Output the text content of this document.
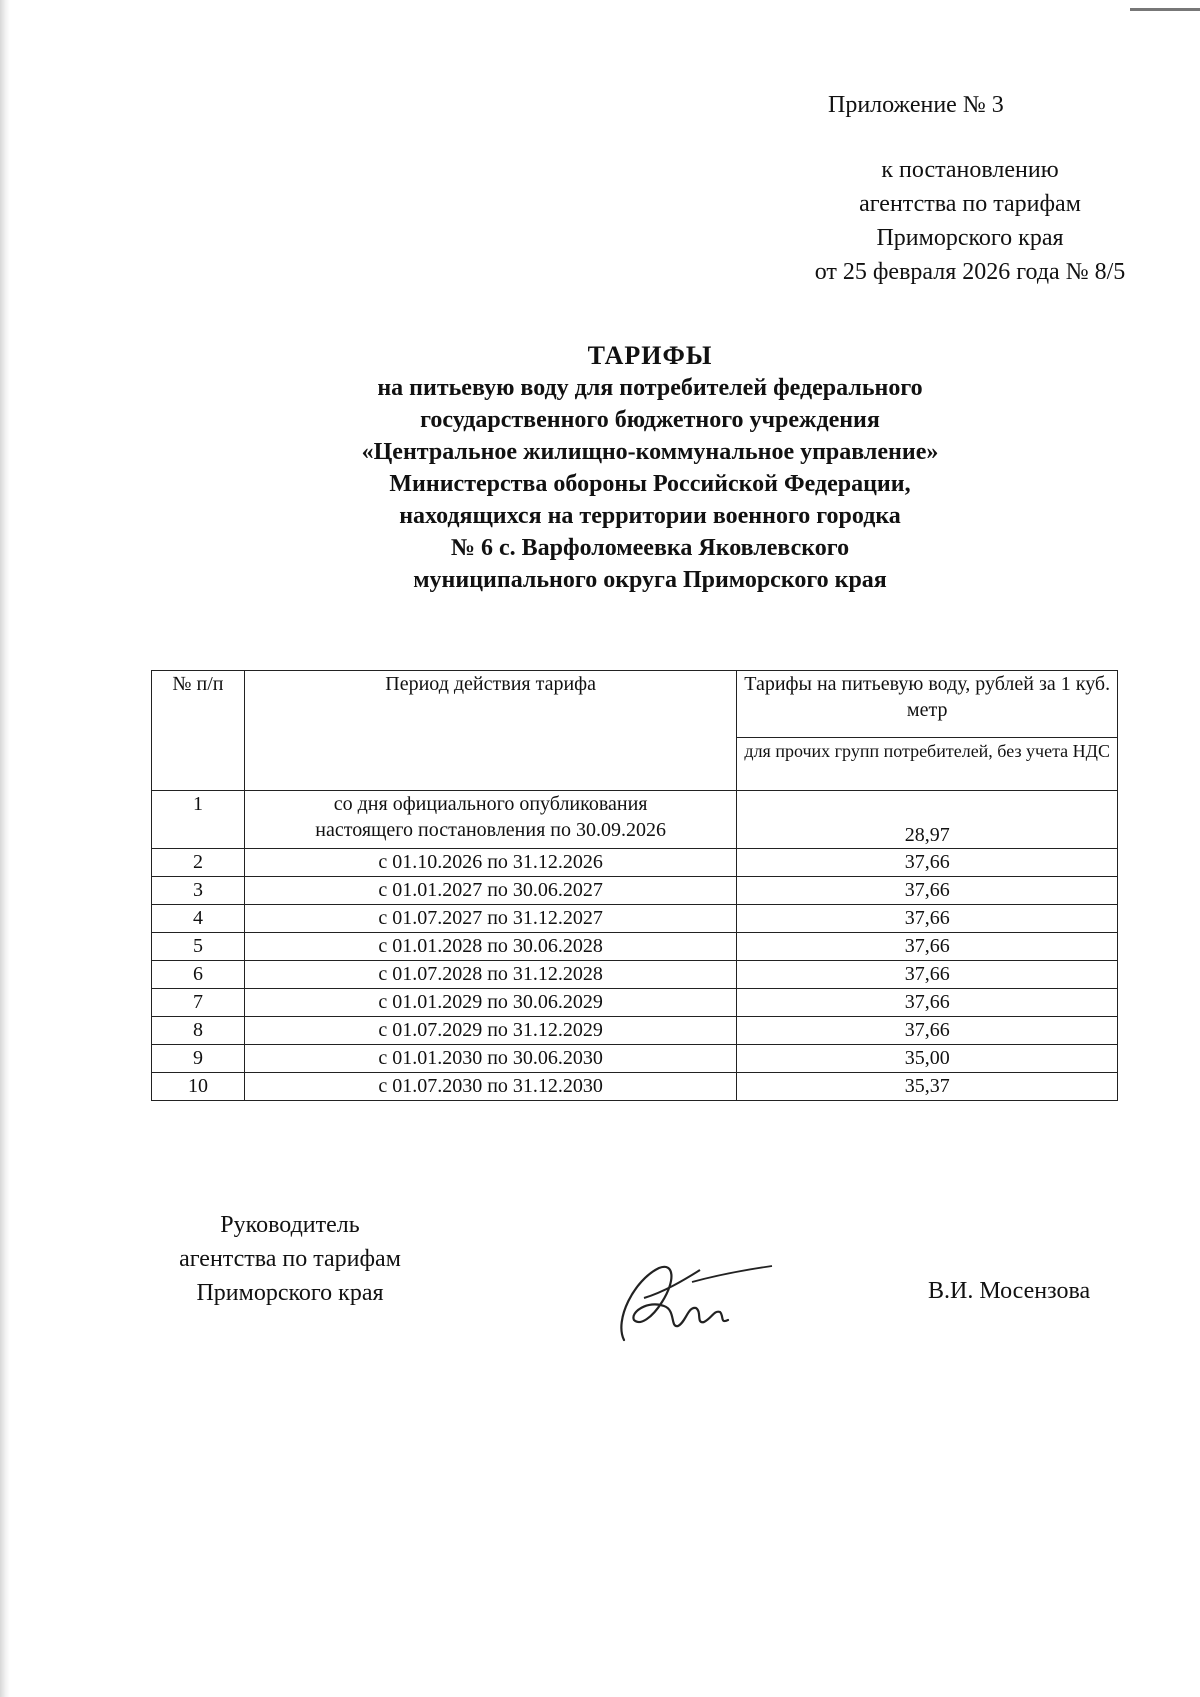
Приложение № 3
к постановлению
агентства по тарифам
Приморского края
от 25 февраля 2026 года № 8/5
ТАРИФЫ
на питьевую воду для потребителей федерального
государственного бюджетного учреждения
«Центральное жилищно-коммунальное управление»
Министерства обороны Российской Федерации,
находящихся на территории военного городка
№ 6 с. Варфоломеевка Яковлевского
муниципального округа Приморского края
№ п/п	Период действия тарифа	Тарифы на питьевую воду, рублей за 1 куб. метр
		для прочих групп потребителей, без учета НДС
1	со дня официального опубликования
настоящего постановления по 30.09.2026	28,97
2	с 01.10.2026 по 31.12.2026	37,66
3	с 01.01.2027 по 30.06.2027	37,66
4	с 01.07.2027 по 31.12.2027	37,66
5	с 01.01.2028 по 30.06.2028	37,66
6	с 01.07.2028 по 31.12.2028	37,66
7	с 01.01.2029 по 30.06.2029	37,66
8	с 01.07.2029 по 31.12.2029	37,66
9	с 01.01.2030 по 30.06.2030	35,00
10	с 01.07.2030 по 31.12.2030	35,37
Руководитель
агентства по тарифам
Приморского края	В.И. Мосензова
